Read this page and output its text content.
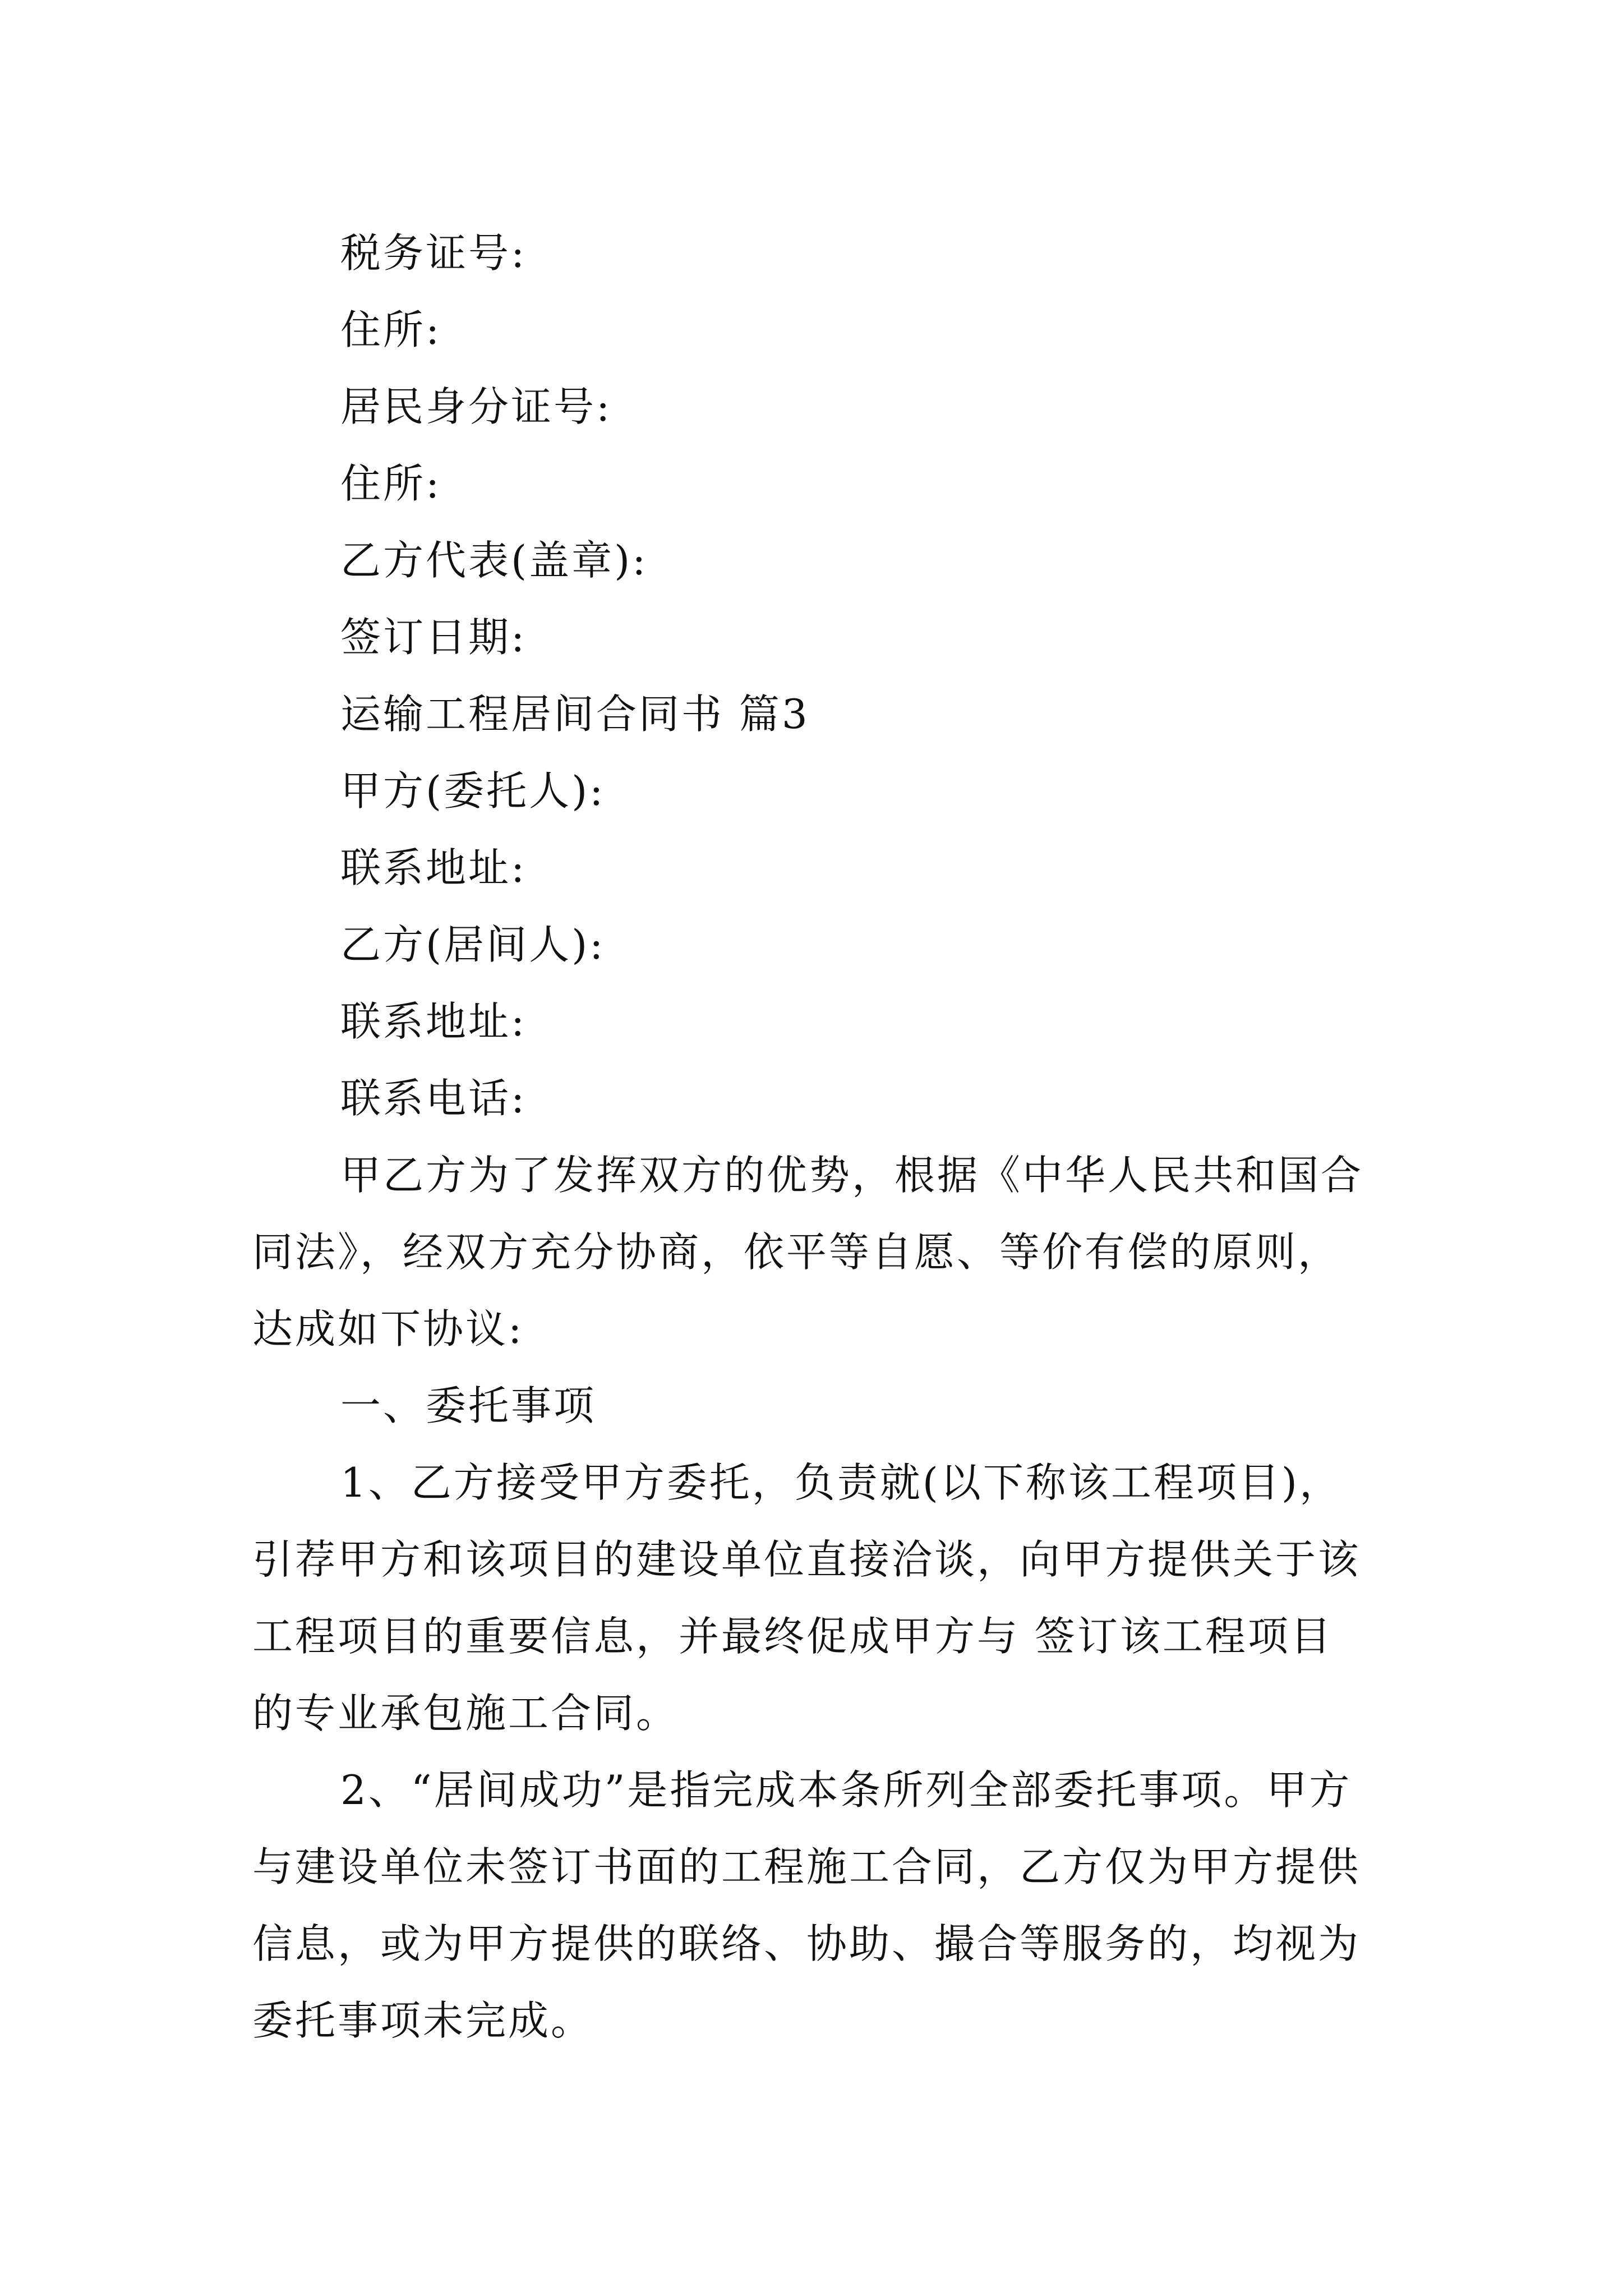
税务证号:

住所:

居民身分证号:

住所:

乙方代表(盖章):

签订日期:

运输工程居间合同书 篇3

甲方(委托人):

联系地址:

乙方(居间人):

联系地址:

联系电话:

甲乙方为了发挥双方的优势，根据《中华人民共和国合
同法》，经双方充分协商，依平等自愿、等价有偿的原则，
达成如下协议:

一、委托事项

1、乙方接受甲方委托，负责就(以下称该工程项目)，
引荐甲方和该项目的建设单位直接洽谈，向甲方提供关于该
工程项目的重要信息，并最终促成甲方与 签订该工程项目
的专业承包施工合同。
2、“居间成功”是指完成本条所列全部委托事项。甲方
与建设单位未签订书面的工程施工合同，乙方仅为甲方提供
信息，或为甲方提供的联络、协助、撮合等服务的，均视为
委托事项未完成。
